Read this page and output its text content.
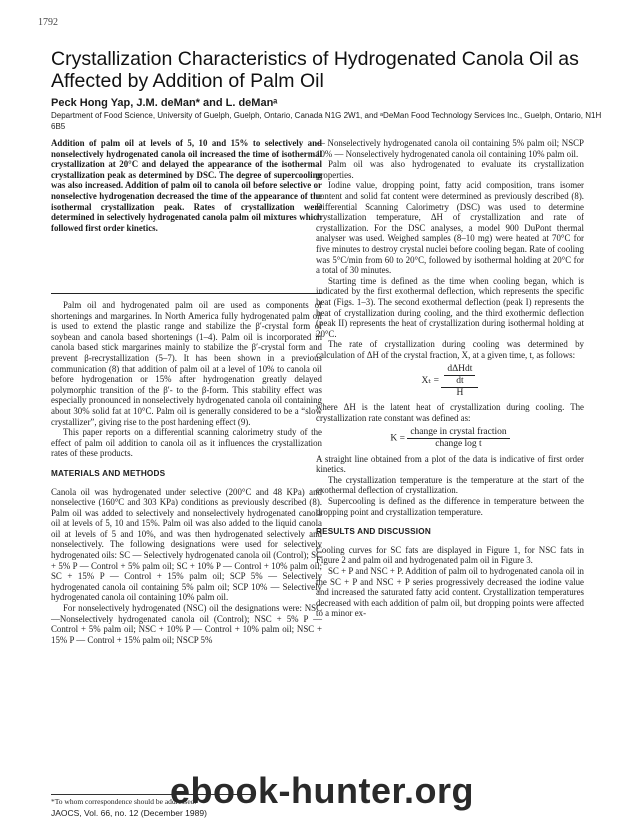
1792
Crystallization Characteristics of Hydrogenated Canola Oil as Affected by Addition of Palm Oil
Peck Hong Yap, J.M. deMan* and L. deManᵃ
Department of Food Science, University of Guelph, Guelph, Ontario, Canada N1G 2W1, and ᵃDeMan Food Technology Services Inc., Guelph, Ontario, N1H 6B5

Addition of palm oil at levels of 5, 10 and 15% to selectively and nonselectively hydrogenated canola oil increased the time of isothermal crystallization at 20°C and delayed the appearance of the isothermal crystallization peak as determined by DSC. The degree of supercooling was also increased. Addition of palm oil to canola oil before selective or nonselective hydrogenation decreased the time of the appearance of the isothermal crystallization peak. Rates of crystallization were determined in selectively hydrogenated canola palm oil mixtures which followed first order kinetics.

Palm oil and hydrogenated palm oil are used as components of shortenings and margarines. In North America fully hydrogenated palm oil is used to extend the plastic range and stabilize the β′-crystal form of soybean and canola based shortenings (1–4). Palm oil is incorporated in canola based stick margarines mainly to stabilize the β′-crystal form and prevent β-recrystallization (5–7). It has been shown in a previous communication (8) that addition of palm oil at a level of 10% to canola oil before hydrogenation or 15% after hydrogenation greatly delayed polymorphic transition of the β′- to the β-form. This stability effect was especially pronounced in nonselectively hydrogenated canola oil containing about 30% solid fat at 10°C. Palm oil is generally considered to be a “slow crystallizer”, giving rise to the post hardening effect (9).

This paper reports on a differential scanning calorimetry study of the effect of palm oil addition to canola oil as it influences the crystallization rates of these products.

MATERIALS AND METHODS

Canola oil was hydrogenated under selective (200°C and 48 KPa) and nonselective (160°C and 303 KPa) conditions as previously described (8). Palm oil was added to selectively and nonselectively hydrogenated canola oil at levels of 5, 10 and 15%. Palm oil was also added to the liquid canola oil at levels of 5 and 10%, and was then hydrogenated selectively and nonselectively. The following designations were used for selectively hydrogenated oils: SC — Selectively hydrogenated canola oil (Control); SC + 5% P — Control + 5% palm oil; SC + 10% P — Control + 10% palm oil; SC + 15% P — Control + 15% palm oil; SCP 5% — Selectively hydrogenated canola oil containing 5% palm oil; SCP 10% — Selectively hydrogenated canola oil containing 10% palm oil.

For nonselectively hydrogenated (NSC) oil the designations were: NSC —Nonselectively hydrogenated canola oil (Control); NSC + 5% P — Control + 5% palm oil; NSC + 10% P — Control + 10% palm oil; NSC + 15% P — Control + 15% palm oil; NSCP 5%

— Nonselectively hydrogenated canola oil containing 5% palm oil; NSCP 10% — Nonselectively hydrogenated canola oil containing 10% palm oil.

Palm oil was also hydrogenated to evaluate its crystallization properties.

Iodine value, dropping point, fatty acid composition, trans isomer content and solid fat content were determined as previously described (8). Differential Scanning Calorimetry (DSC) was used to determine crystallization temperature, ΔH of crystallization and rate of crystallization. For the DSC analyses, a model 900 DuPont thermal analyser was used. Weighed samples (8–10 mg) were heated at 70°C for five minutes to destroy crystal nuclei before cooling began. Rate of cooling was 5°C/min from 60 to 20°C, followed by isothermal holding at 20°C for a total of 30 minutes.

Starting time is defined as the time when cooling began, which is indicated by the first exothermal deflection, which represents the specific heat (Figs. 1–3). The second exothermal deflection (peak I) represents the heat of crystallization during cooling, and the third exothermic deflection (peak II) represents the heat of crystallization during isothermal holding at 20°C.

The rate of crystallization during cooling was determined by calculation of ΔH of the crystal fraction, X, at a given time, t, as follows:

$X_t = \frac{\frac{\text{dΔHdt}}{dt}}{H}$

where ΔH is the latent heat of crystallization during cooling. The crystallization rate constant was defined as:

$K = \frac{\text{change in crystal fraction}}{\text{change log t}}$

A straight line obtained from a plot of the data is indicative of first order kinetics.

The crystallization temperature is the temperature at the start of the exothermal deflection of crystallization.

Supercooling is defined as the difference in temperature between the dropping point and crystallization temperature.

RESULTS AND DISCUSSION

Cooling curves for SC fats are displayed in Figure 1, for NSC fats in Figure 2 and palm oil and hydrogenated palm oil in Figure 3.

SC + P and NSC + P. Addition of palm oil to hydrogenated canola oil in the SC + P and NSC + P series progressively decreased the iodine value and increased the saturated fatty acid content. Crystallization temperatures decreased with each addition of palm oil, but dropping points were affected to a minor ex-

*To whom correspondence should be addressed.
JAOCS, Vol. 66, no. 12 (December 1989)
ebook-hunter.org
